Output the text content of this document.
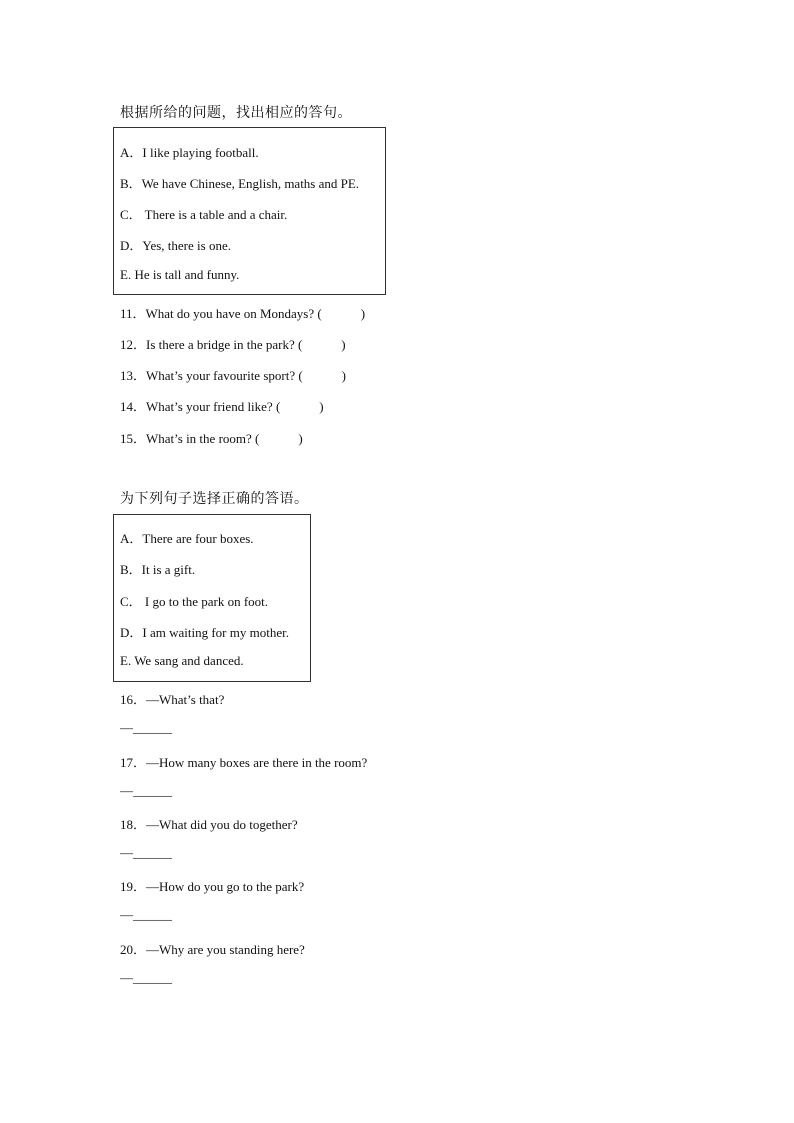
根据所给的问题，找出相应的答句。
A．I like playing football.
B．We have Chinese, English, maths and PE.
C． There is a table and a chair.
D．Yes, there is one.
E. He is tall and funny.
11．What do you have on Mondays? (　　　)
12．Is there a bridge in the park? (　　　)
13．What’s your favourite sport? (　　　)
14．What’s your friend like? (　　　)
15．What’s in the room? (　　　)
为下列句子选择正确的答语。
A．There are four boxes.
B．It is a gift.
C． I go to the park on foot.
D．I am waiting for my mother.
E. We sang and danced.
16．—What’s that?
—______
17．—How many boxes are there in the room?
—______
18．—What did you do together?
—______
19．—How do you go to the park?
—______
20．—Why are you standing here?
—______
